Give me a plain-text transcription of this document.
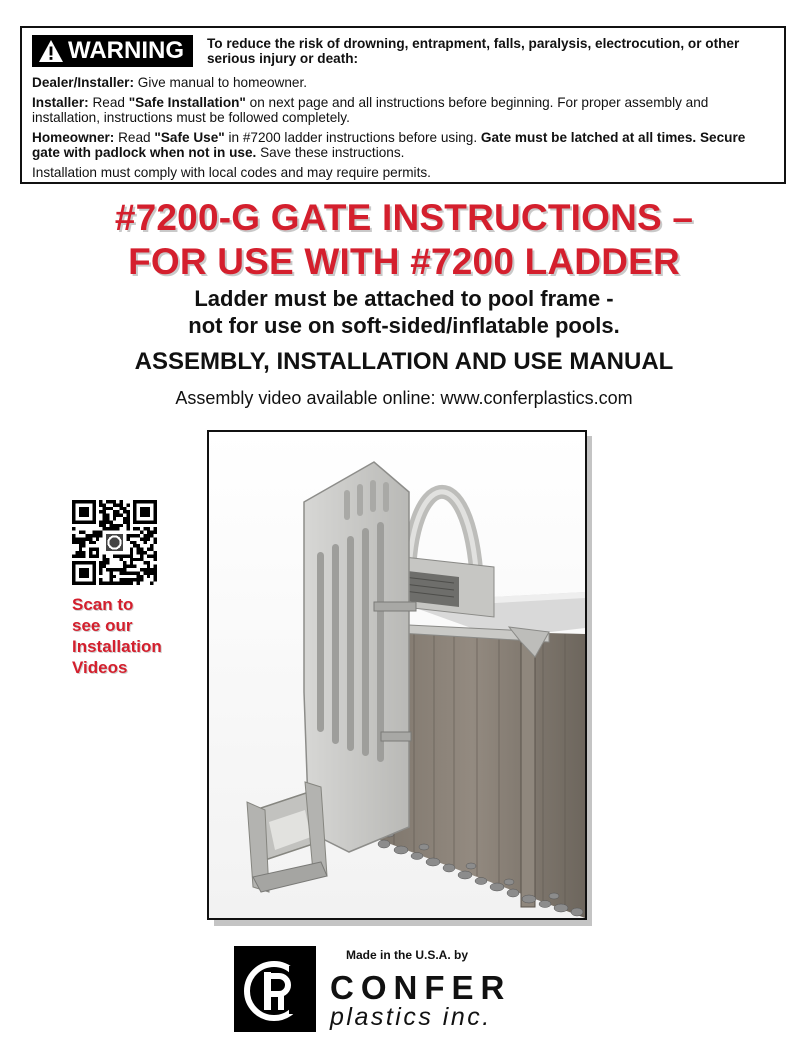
WARNING To reduce the risk of drowning, entrapment, falls, paralysis, electrocution, or other serious injury or death:
Dealer/Installer: Give manual to homeowner.
Installer: Read "Safe Installation" on next page and all instructions before beginning. For proper assembly and installation, instructions must be followed completely.
Homeowner: Read "Safe Use" in #7200 ladder instructions before using. Gate must be latched at all times. Secure gate with padlock when not in use. Save these instructions.
Installation must comply with local codes and may require permits.
#7200-G GATE INSTRUCTIONS –
FOR USE WITH #7200 LADDER
Ladder must be attached to pool frame -
not for use on soft-sided/inflatable pools.
ASSEMBLY, INSTALLATION AND USE MANUAL
Assembly video available online: www.conferplastics.com
Scan to
see our
Installation
Videos
Made in the U.S.A. by
CONFER
plastics inc.
